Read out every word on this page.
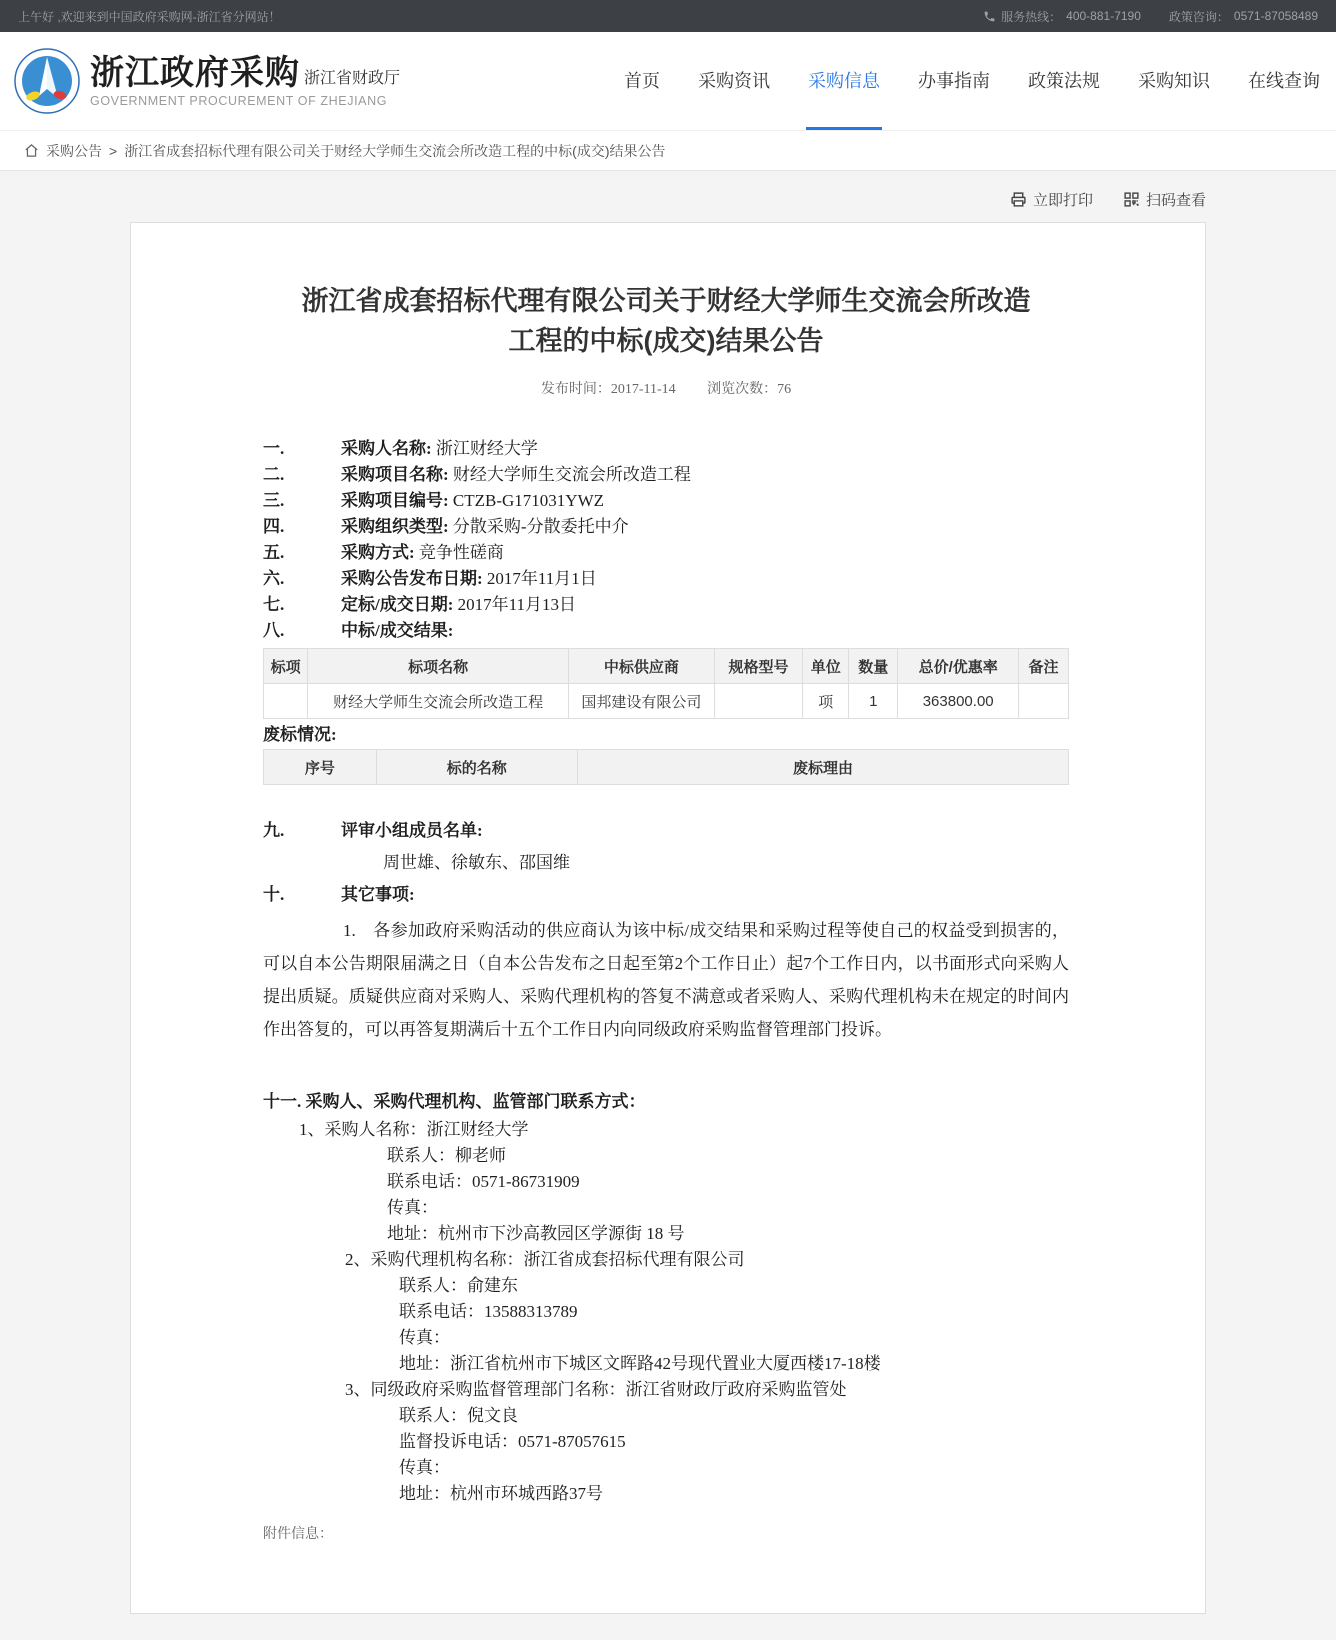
上午好 ,欢迎来到中国政府采购网-浙江省分网站！	服务热线： 400-881-7190 政策咨询： 0571-87058489
浙江政府采购 浙江省财政厅
GOVERNMENT PROCUREMENT OF ZHEJIANG
首页 采购资讯 采购信息 办事指南 政策法规 采购知识 在线查询
采购公告 > 浙江省成套招标代理有限公司关于财经大学师生交流会所改造工程的中标(成交)结果公告
立即打印	扫码查看
浙江省成套招标代理有限公司关于财经大学师生交流会所改造工程的中标(成交)结果公告
发布时间：2017-11-14 浏览次数：76
一.	采购人名称: 浙江财经大学
二.	采购项目名称: 财经大学师生交流会所改造工程
三.	采购项目编号: CTZB-G171031YWZ
四.	采购组织类型: 分散采购-分散委托中介
五.	采购方式: 竞争性磋商
六.	采购公告发布日期: 2017年11月1日
七.	定标/成交日期: 2017年11月13日
八.	中标/成交结果:
标项	标项名称	中标供应商	规格型号	单位	数量	总价/优惠率	备注
	财经大学师生交流会所改造工程	国邦建设有限公司		项	1	363800.00	
废标情况:
序号	标的名称	废标理由
九.	评审小组成员名单:
周世雄、徐敏东、邵国维
十.	其它事项:

1.　各参加政府采购活动的供应商认为该中标/成交结果和采购过程等使自己的权益受到损害的，可以自本公告期限届满之日（自本公告发布之日起至第2个工作日止）起7个工作日内，以书面形式向采购人提出质疑。质疑供应商对采购人、采购代理机构的答复不满意或者采购人、采购代理机构未在规定的时间内作出答复的，可以再答复期满后十五个工作日内向同级政府采购监督管理部门投诉。

十一. 采购人、采购代理机构、监管部门联系方式：
1、采购人名称：浙江财经大学
联系人：柳老师
联系电话：0571-86731909
传真：
地址：杭州市下沙高教园区学源街 18 号
2、采购代理机构名称：浙江省成套招标代理有限公司
联系人：俞建东
联系电话：13588313789
传真：
地址：浙江省杭州市下城区文晖路42号现代置业大厦西楼17-18楼
3、同级政府采购监督管理部门名称：浙江省财政厅政府采购监管处
联系人：倪文良
监督投诉电话：0571-87057615
传真：
地址：杭州市环城西路37号
附件信息：
